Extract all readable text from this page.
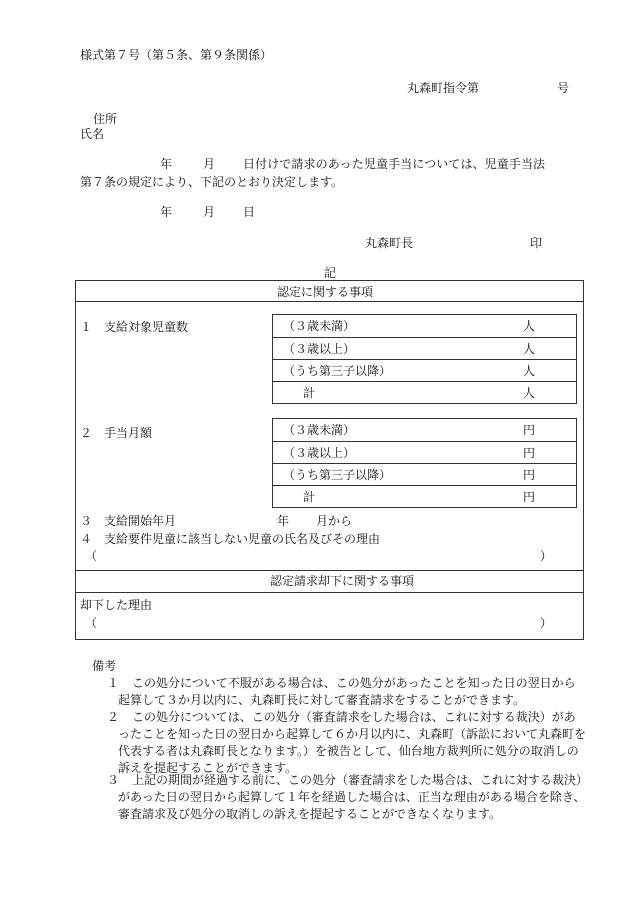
様式第７号（第５条、第９条関係）
丸森町指令第	号
住所
氏名
年	月 日付けで請求のあった児童手当については、児童手当法
第７条の規定により、下記のとおり決定します。
年	月 日
丸森町長	印
記
認定に関する事項
１　支給対象児童数	（３歳未満）	人
（３歳以上）	人
（うち第三子以降）	人
計	人
２　手当月額	（３歳未満）	円
（３歳以上）	円
（うち第三子以降）	円
計	円
３　支給開始年月	年 月から
４　支給要件児童に該当しない児童の氏名及びその理由
（	）
認定請求却下に関する事項
却下した理由
（	）
備考
１	この処分について不服がある場合は、この処分があったことを知った日の翌日から起算して３か月以内に、丸森町長に対して審査請求をすることができます。
２	この処分については、この処分（審査請求をした場合は、これに対する裁決）があったことを知った日の翌日から起算して６か月以内に、丸森町（訴訟において丸森町を代表する者は丸森町長となります。）を被告として、仙台地方裁判所に処分の取消しの訴えを提起することができます。
３	上記の期間が経過する前に、この処分（審査請求をした場合は、これに対する裁決）があった日の翌日から起算して１年を経過した場合は、正当な理由がある場合を除き、審査請求及び処分の取消しの訴えを提起することができなくなります。
